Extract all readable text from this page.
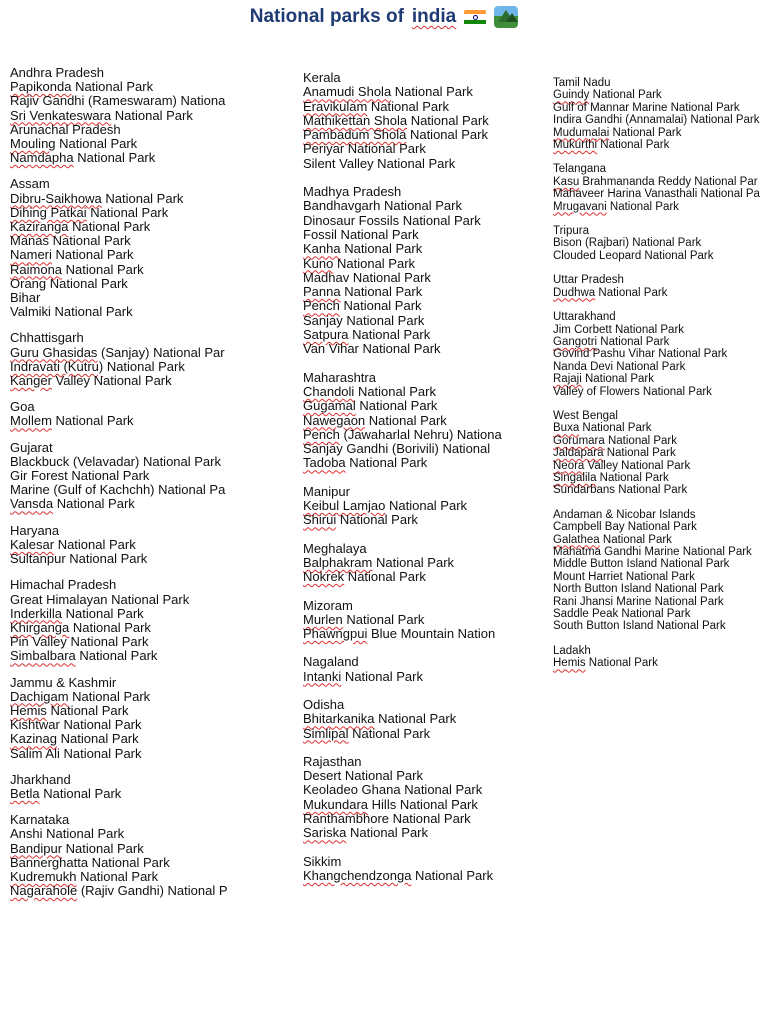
National parks of india
Andhra Pradesh
Papikonda National Park
Rajiv Gandhi (Rameswaram) Nationa
Sri Venkateswara National Park
Arunachal Pradesh
Mouling National Park
Namdapha National Park
Assam
Dibru-Saikhowa National Park
Dihing Patkai National Park
Kaziranga National Park
Manas National Park
Nameri National Park
Raimona National Park
Orang National Park
Bihar
Valmiki National Park
Chhattisgarh
Guru Ghasidas (Sanjay) National Par
Indravati (Kutru) National Park
Kanger Valley National Park
Goa
Mollem National Park
Gujarat
Blackbuck (Velavadar) National Park
Gir Forest National Park
Marine (Gulf of Kachchh) National Pa
Vansda National Park
Haryana
Kalesar National Park
Sultanpur National Park
Himachal Pradesh
Great Himalayan National Park
Inderkilla National Park
Khirganga National Park
Pin Valley National Park
Simbalbara National Park
Jammu & Kashmir
Dachigam National Park
Hemis National Park
Kishtwar National Park
Kazinag National Park
Salim Ali National Park
Jharkhand
Betla National Park
Karnataka
Anshi National Park
Bandipur National Park
Bannerghatta National Park
Kudremukh National Park
Nagarahole (Rajiv Gandhi) National P
Kerala
Anamudi Shola National Park
Eravikulam National Park
Mathikettan Shola National Park
Pambadum Shola National Park
Periyar National Park
Silent Valley National Park
Madhya Pradesh
Bandhavgarh National Park
Dinosaur Fossils National Park
Fossil National Park
Kanha National Park
Kuno National Park
Madhav National Park
Panna National Park
Pench National Park
Sanjay National Park
Satpura National Park
Van Vihar National Park
Maharashtra
Chandoli National Park
Gugamal National Park
Nawegaon National Park
Pench (Jawaharlal Nehru) Nationa
Sanjay Gandhi (Borivili) National
Tadoba National Park
Manipur
Keibul Lamjao National Park
Shirui National Park
Meghalaya
Balphakram National Park
Nokrek National Park
Mizoram
Murlen National Park
Phawngpui Blue Mountain Nation
Nagaland
Intanki National Park
Odisha
Bhitarkanika National Park
Simlipal National Park
Rajasthan
Desert National Park
Keoladeo Ghana National Park
Mukundara Hills National Park
Ranthambhore National Park
Sariska National Park
Sikkim
Khangchendzonga National Park
Tamil Nadu
Guindy National Park
Gulf of Mannar Marine National Park
Indira Gandhi (Annamalai) National Park
Mudumalai National Park
Mukurthi National Park
Telangana
Kasu Brahmananda Reddy National Par
Mahaveer Harina Vanasthali National Pa
Mrugavani National Park
Tripura
Bison (Rajbari) National Park
Clouded Leopard National Park
Uttar Pradesh
Dudhwa National Park
Uttarakhand
Jim Corbett National Park
Gangotri National Park
Govind Pashu Vihar National Park
Nanda Devi National Park
Rajaji National Park
Valley of Flowers National Park
West Bengal
Buxa National Park
Gorumara National Park
Jaldapara National Park
Neora Valley National Park
Singalila National Park
Sundarbans National Park
Andaman & Nicobar Islands
Campbell Bay National Park
Galathea National Park
Mahatma Gandhi Marine National Park
Middle Button Island National Park
Mount Harriet National Park
North Button Island National Park
Rani Jhansi Marine National Park
Saddle Peak National Park
South Button Island National Park
Ladakh
Hemis National Park
